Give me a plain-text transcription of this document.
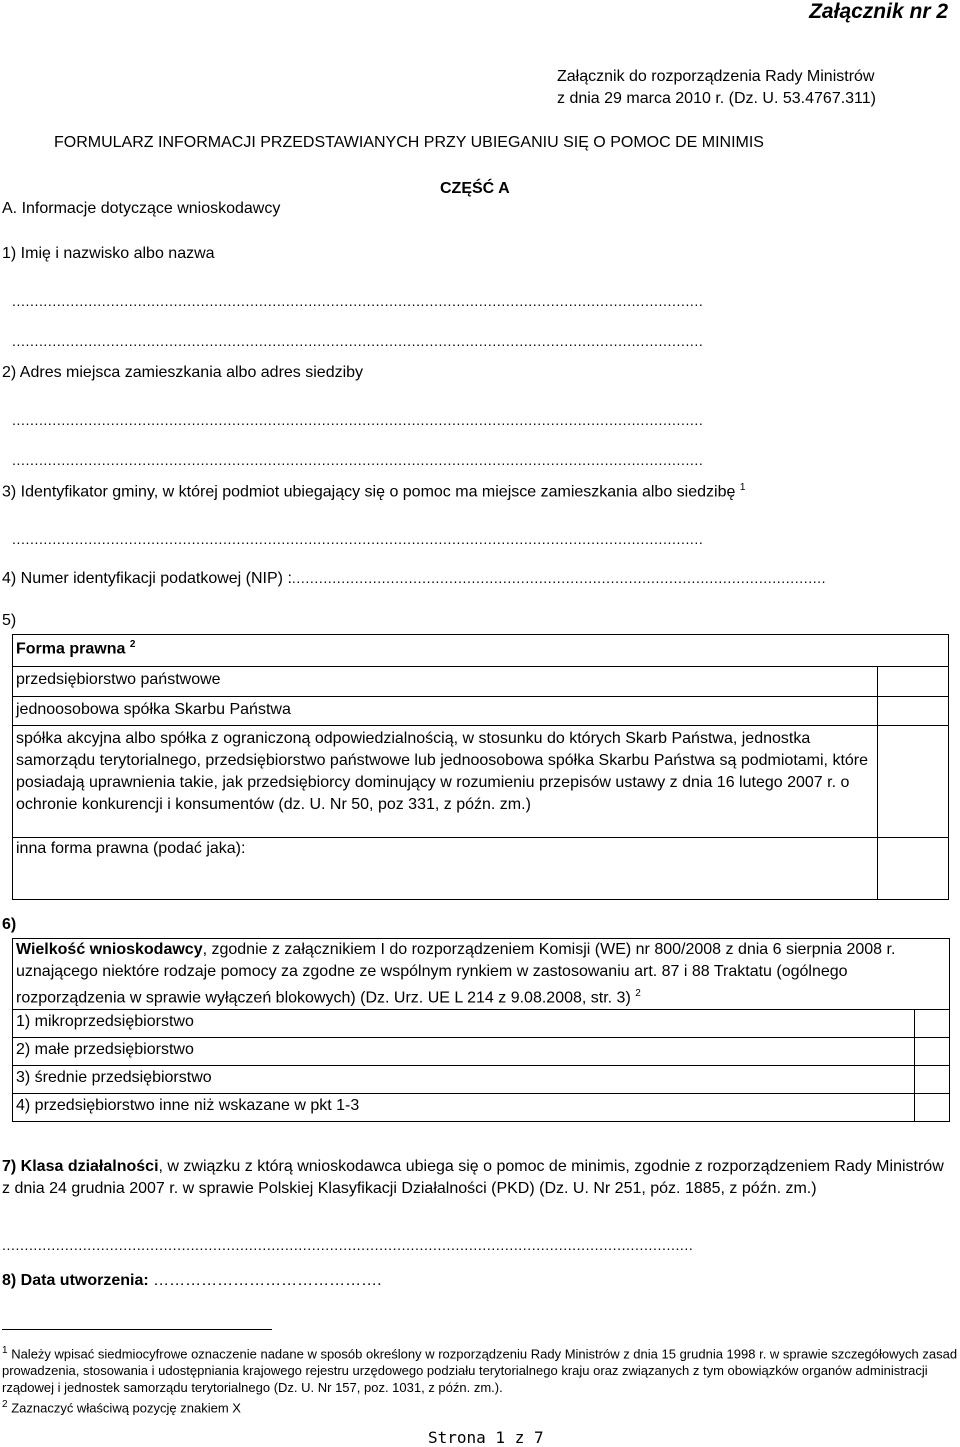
Załącznik nr 2
Załącznik do rozporządzenia Rady Ministrów
z dnia 29 marca 2010 r. (Dz. U. 53.4767.311)
FORMULARZ INFORMACJI PRZEDSTAWIANYCH PRZY UBIEGANIU SIĘ O POMOC DE MINIMIS
CZĘŚĆ A
A. Informacje dotyczące wnioskodawcy
1) Imię i nazwisko albo nazwa
..........................................................................................................................................................
..........................................................................................................................................................
2) Adres miejsca zamieszkania albo adres siedziby
..........................................................................................................................................................
..........................................................................................................................................................
3) Identyfikator gminy, w której podmiot ubiegający się o pomoc ma miejsce zamieszkania albo siedzibę $^1$
..........................................................................................................................................................
4) Numer identyfikacji podatkowej (NIP) :.......................................................................................................................
5)
Forma prawna $^2$
przedsiębiorstwo państwowe	
jednoosobowa spółka Skarbu Państwa	
spółka akcyjna albo spółka z ograniczoną odpowiedzialnością, w stosunku do których Skarb Państwa, jednostka samorządu terytorialnego, przedsiębiorstwo państwowe lub jednoosobowa spółka Skarbu Państwa są podmiotami, które posiadają uprawnienia takie, jak przedsiębiorcy dominujący w rozumieniu przepisów ustawy z dnia 16 lutego 2007 r. o ochronie konkurencji i konsumentów (dz. U. Nr 50, poz 331, z późn. zm.)	
inna forma prawna (podać jaka):	
6)
Wielkość wnioskodawcy, zgodnie z załącznikiem I do rozporządzeniem Komisji (WE) nr 800/2008 z dnia 6 sierpnia 2008 r. uznającego niektóre rodzaje pomocy za zgodne ze wspólnym rynkiem w zastosowaniu art. 87 i 88 Traktatu (ogólnego rozporządzenia w sprawie wyłączeń blokowych) (Dz. Urz. UE L 214 z 9.08.2008, str. 3) $^2$
1) mikroprzedsiębiorstwo	
2) małe przedsiębiorstwo	
3) średnie przedsiębiorstwo	
4) przedsiębiorstwo inne niż wskazane w pkt 1-3	
7) Klasa działalności, w związku z którą wnioskodawca ubiega się o pomoc de minimis, zgodnie z rozporządzeniem Rady Ministrów z dnia 24 grudnia 2007 r. w sprawie Polskiej Klasyfikacji Działalności (PKD) (Dz. U. Nr 251, póz. 1885, z późn. zm.)
..........................................................................................................................................................
8) Data utworzenia: …………………………………….
$^1$ Należy wpisać siedmiocyfrowe oznaczenie nadane w sposób określony w rozporządzeniu Rady Ministrów z dnia 15 grudnia 1998 r. w sprawie szczegółowych zasad prowadzenia, stosowania i udostępniania krajowego rejestru urzędowego podziału terytorialnego kraju oraz związanych z tym obowiązków organów administracji rządowej i jednostek samorządu terytorialnego (Dz. U. Nr 157, poz. 1031, z późn. zm.).
$^2$ Zaznaczyć właściwą pozycję znakiem X
Strona 1 z 7
